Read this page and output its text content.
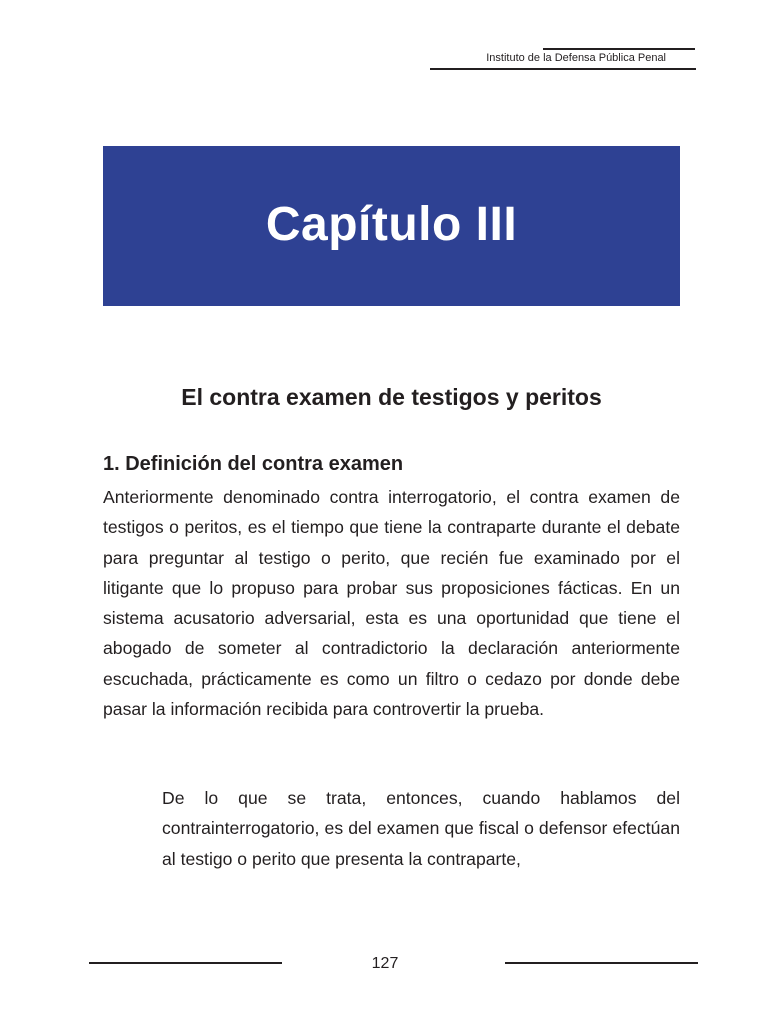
Instituto de la Defensa Pública Penal
Capítulo III
El contra examen de testigos y peritos
1. Definición del contra examen
Anteriormente denominado contra interrogatorio, el contra examen de testigos o peritos, es el tiempo que tiene la contraparte durante el debate para preguntar al testigo o perito, que recién fue examinado por el litigante que lo propuso para probar sus proposiciones fácticas. En un sistema acusatorio adversarial, esta es una oportunidad que tiene el abogado de someter al contradictorio la declaración anteriormente escuchada, prácticamente es como un filtro o cedazo por donde debe pasar la información recibida para controvertir la prueba.
De lo que se trata, entonces, cuando hablamos del contrainterrogatorio, es del examen que fiscal o defensor efectúan al testigo o perito que presenta la contraparte,
127
